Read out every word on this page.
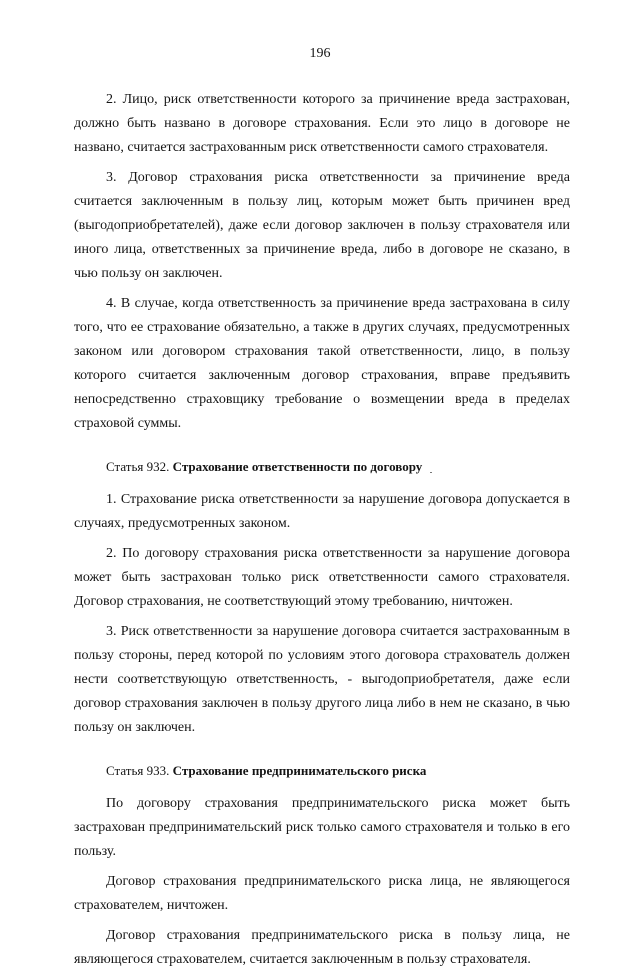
196

2. Лицо, риск ответственности которого за причинение вреда застрахован, должно быть названо в договоре страхования. Если это лицо в договоре не названо, считается застрахованным риск ответственности самого страхователя.

3. Договор страхования риска ответственности за причинение вреда считается заключенным в пользу лиц, которым может быть причинен вред (выгодоприобретателей), даже если договор заключен в пользу страхователя или иного лица, ответственных за причинение вреда, либо в договоре не сказано, в чью пользу он заключен.

4. В случае, когда ответственность за причинение вреда застрахована в силу того, что ее страхование обязательно, а также в других случаях, предусмотренных законом или договором страхования такой ответственности, лицо, в пользу которого считается заключенным договор страхования, вправе предъявить непосредственно страховщику требование о возмещении вреда в пределах страховой суммы.

Статья 932. Страхование ответственности по договору

1. Страхование риска ответственности за нарушение договора допускается в случаях, предусмотренных законом.

2. По договору страхования риска ответственности за нарушение договора может быть застрахован только риск ответственности самого страхователя. Договор страхования, не соответствующий этому требованию, ничтожен.

3. Риск ответственности за нарушение договора считается застрахованным в пользу стороны, перед которой по условиям этого договора страхователь должен нести соответствующую ответственность, - выгодоприобретателя, даже если договор страхования заключен в пользу другого лица либо в нем не сказано, в чью пользу он заключен.

Статья 933. Страхование предпринимательского риска

По договору страхования предпринимательского риска может быть застрахован предпринимательский риск только самого страхователя и только в его пользу.

Договор страхования предпринимательского риска лица, не являющегося страхователем, ничтожен.

Договор страхования предпринимательского риска в пользу лица, не являющегося страхователем, считается заключенным в пользу страхователя.
